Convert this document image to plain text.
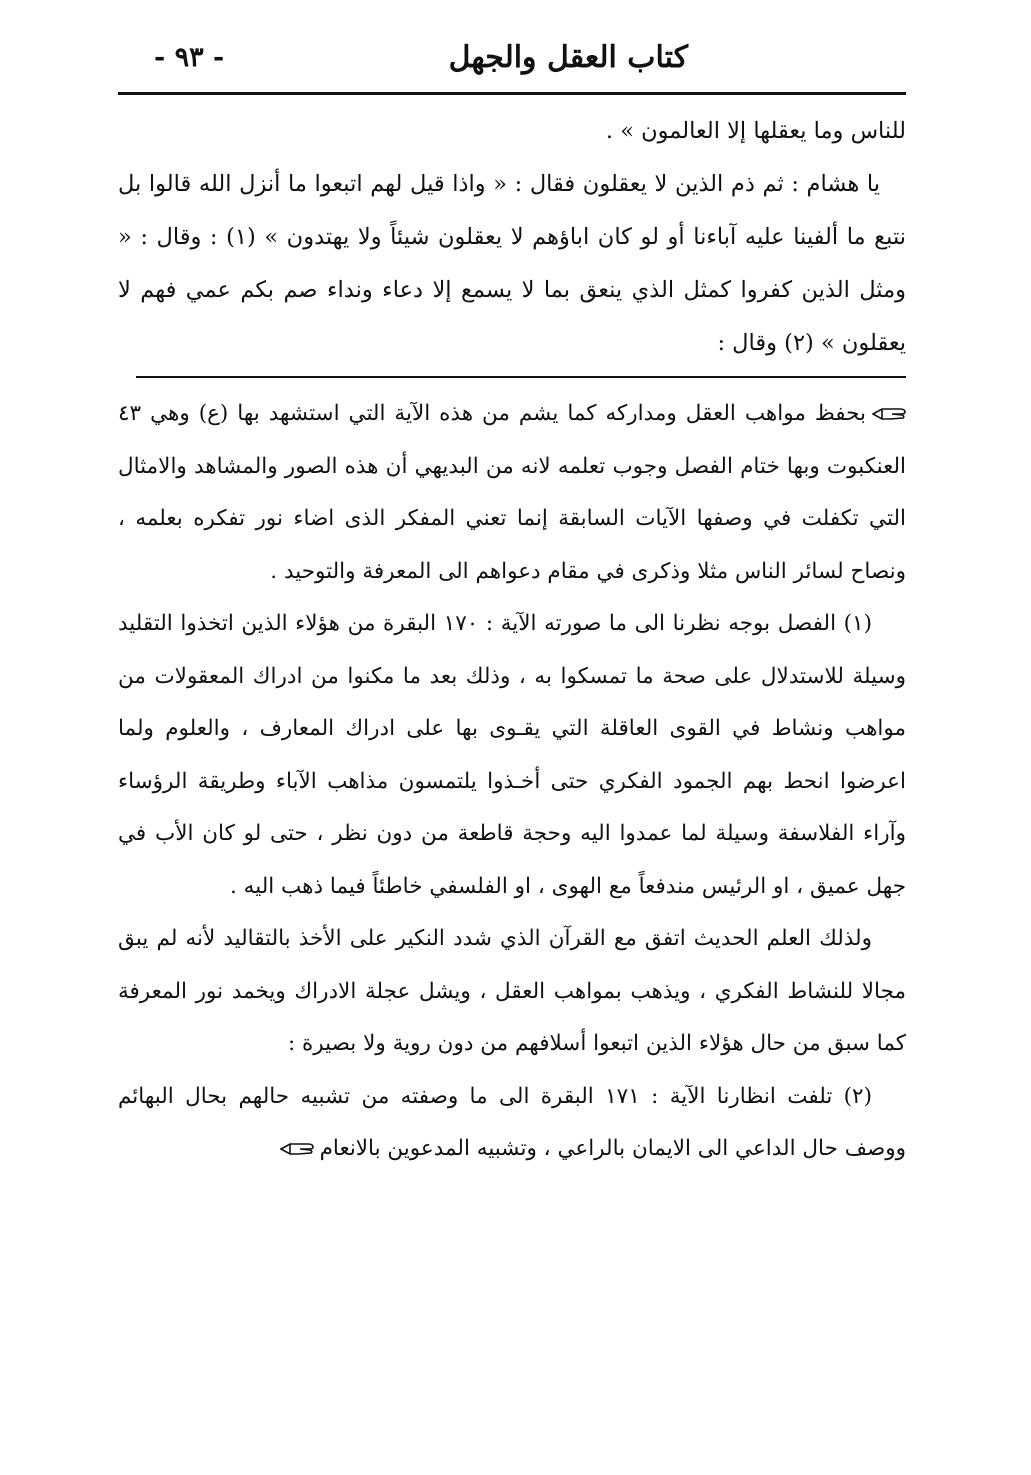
كتاب العقل والجهل
- ٩٣ -

للناس وما يعقلها إلا العالمون » .

يا هشام : ثم ذم الذين لا يعقلون فقال : « واذا قيل لهم اتبعوا ما أنزل الله قالوا بل نتبع ما ألفينا عليه آباءنا أو لو كان اباؤهم لا يعقلون شيئاً ولا يهتدون » (١) : وقال : « ومثل الذين كفروا كمثل الذي ينعق بما لا يسمع إلا دعاء ونداء صم بكم عمي فهم لا يعقلون » (٢) وقال :

بحفظ مواهب العقل ومداركه كما يشم من هذه الآية التي استشهد بها (ع) وهي ٤٣ العنكبوت وبها ختام الفصل وجوب تعلمه لانه من البديهي أن هذه الصور والمشاهد والامثال التي تكفلت في وصفها الآيات السابقة إنما تعني المفكر الذى اضاء نور تفكره بعلمه ، ونصاح لسائر الناس مثلا وذكرى في مقام دعواهم الى المعرفة والتوحيد .

(١) الفصل بوجه نظرنا الى ما صورته الآية : ١٧٠ البقرة من هؤلاء الذين اتخذوا التقليد وسيلة للاستدلال على صحة ما تمسكوا به ، وذلك بعد ما مكنوا من ادراك المعقولات من مواهب ونشاط في القوى العاقلة التي يقـوى بها على ادراك المعارف ، والعلوم ولما اعرضوا انحط بهم الجمود الفكري حتى أخـذوا يلتمسون مذاهب الآباء وطريقة الرؤساء وآراء الفلاسفة وسيلة لما عمدوا اليه وحجة قاطعة من دون نظر ، حتى لو كان الأب في جهل عميق ، او الرئيس مندفعاً مع الهوى ، او الفلسفي خاطئاً فيما ذهب اليه .

ولذلك العلم الحديث اتفق مع القرآن الذي شدد النكير على الأخذ بالتقاليد لأنه لم يبق مجالا للنشاط الفكري ، ويذهب بمواهب العقل ، ويشل عجلة الادراك ويخمد نور المعرفة كما سبق من حال هؤلاء الذين اتبعوا أسلافهم من دون روية ولا بصيرة :

(٢) تلفت انظارنا الآية : ١٧١ البقرة الى ما وصفته من تشبيه حالهم بحال البهائم ووصف حال الداعي الى الايمان بالراعي ، وتشبيه المدعوين بالانعام
